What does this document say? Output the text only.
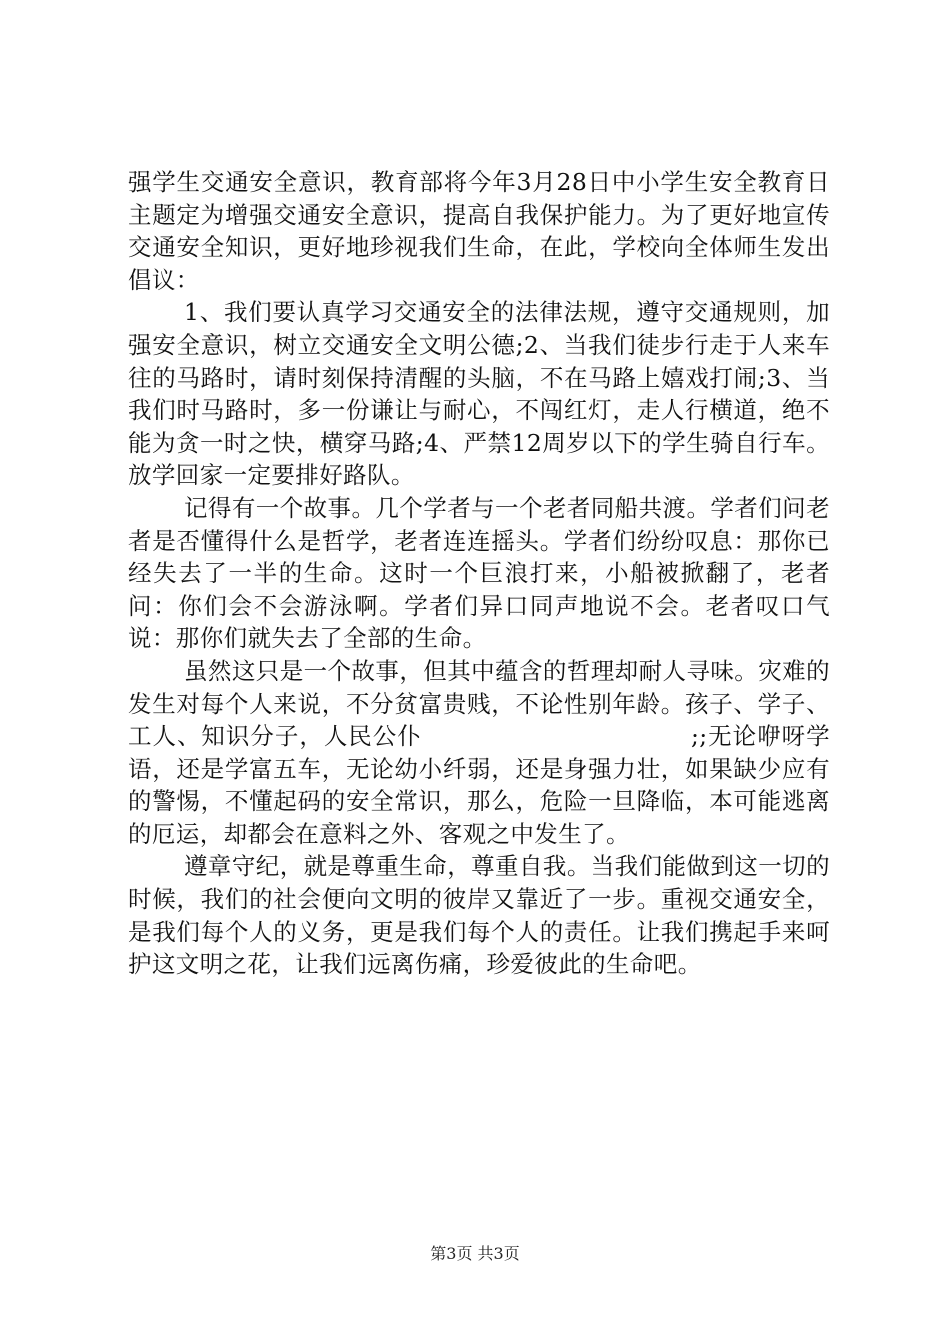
强学生交通安全意识，教育部将今年3月28日中小学生安全教育日主题定为增强交通安全意识，提高自我保护能力。为了更好地宣传交通安全知识，更好地珍视我们生命，在此，学校向全体师生发出倡议：

1、我们要认真学习交通安全的法律法规，遵守交通规则，加强安全意识，树立交通安全文明公德;2、当我们徒步行走于人来车往的马路时，请时刻保持清醒的头脑，不在马路上嬉戏打闹;3、当我们时马路时，多一份谦让与耐心，不闯红灯，走人行横道，绝不能为贪一时之快，横穿马路;4、严禁12周岁以下的学生骑自行车。放学回家一定要排好路队。

记得有一个故事。几个学者与一个老者同船共渡。学者们问老者是否懂得什么是哲学，老者连连摇头。学者们纷纷叹息：那你已经失去了一半的生命。这时一个巨浪打来，小船被掀翻了，老者问：你们会不会游泳啊。学者们异口同声地说不会。老者叹口气说：那你们就失去了全部的生命。

虽然这只是一个故事，但其中蕴含的哲理却耐人寻味。灾难的发生对每个人来说，不分贫富贵贱，不论性别年龄。孩子、学子、工人、知识分子，人民公仆　　　　　　　　　　　;;无论咿呀学语，还是学富五车，无论幼小纤弱，还是身强力壮，如果缺少应有的警惕，不懂起码的安全常识，那么，危险一旦降临，本可能逃离的厄运，却都会在意料之外、客观之中发生了。

遵章守纪，就是尊重生命，尊重自我。当我们能做到这一切的时候，我们的社会便向文明的彼岸又靠近了一步。重视交通安全，是我们每个人的义务，更是我们每个人的责任。让我们携起手来呵护这文明之花，让我们远离伤痛，珍爱彼此的生命吧。

第3页 共3页
